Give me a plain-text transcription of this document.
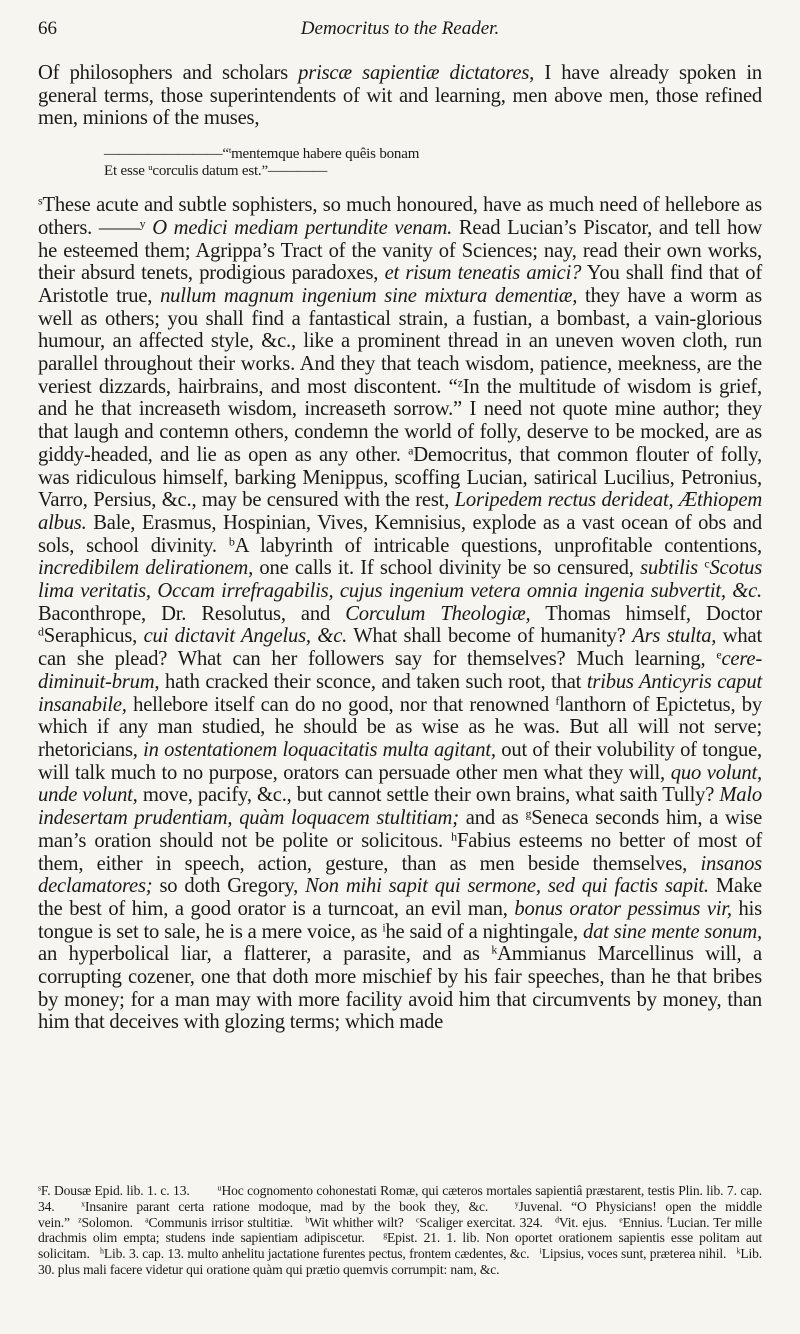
66	Democritus to the Reader.

Of philosophers and scholars priscæ sapientiæ dictatores, I have already spoken in general terms, those superintendents of wit and learning, men above men, those refined men, minions of the muses,

————————“$^t$mentemque habere quêis bonam
Et esse $^u$corculis datum est.”————

$^s$These acute and subtle sophisters, so much honoured, have as much need of hellebore as others. ——$^y$ O medici mediam pertundite venam. Read Lucian’s Piscator, and tell how he esteemed them; Agrippa’s Tract of the vanity of Sciences; nay, read their own works, their absurd tenets, prodigious paradoxes, et risum teneatis amici? You shall find that of Aristotle true, nullum magnum ingenium sine mixtura dementiæ, they have a worm as well as others; you shall find a fantastical strain, a fustian, a bombast, a vain-glorious humour, an affected style, &c., like a prominent thread in an uneven woven cloth, run parallel throughout their works. And they that teach wisdom, patience, meekness, are the veriest dizzards, hairbrains, and most discontent. “$^z$In the multitude of wisdom is grief, and he that increaseth wisdom, increaseth sorrow.” I need not quote mine author; they that laugh and contemn others, condemn the world of folly, deserve to be mocked, are as giddy-headed, and lie as open as any other. $^a$Democritus, that common flouter of folly, was ridiculous himself, barking Menippus, scoffing Lucian, satirical Lucilius, Petronius, Varro, Persius, &c., may be censured with the rest, Loripedem rectus derideat, Æthiopem albus. Bale, Erasmus, Hospinian, Vives, Kemnisius, explode as a vast ocean of obs and sols, school divinity. $^b$A labyrinth of intricable questions, unprofitable contentions, incredibilem delirationem, one calls it. If school divinity be so censured, subtilis $^c$Scotus lima veritatis, Occam irrefragabilis, cujus ingenium vetera omnia ingenia subvertit, &c. Baconthrope, Dr. Resolutus, and Corculum Theologiæ, Thomas himself, Doctor $^d$Seraphicus, cui dictavit Angelus, &c. What shall become of humanity? Ars stulta, what can she plead? What can her followers say for themselves? Much learning, $^e$cere-diminuit-brum, hath cracked their sconce, and taken such root, that tribus Anticyris caput insanabile, hellebore itself can do no good, nor that renowned $^f$lanthorn of Epictetus, by which if any man studied, he should be as wise as he was. But all will not serve; rhetoricians, in ostentationem loquacitatis multa agitant, out of their volubility of tongue, will talk much to no purpose, orators can persuade other men what they will, quo volunt, unde volunt, move, pacify, &c., but cannot settle their own brains, what saith Tully? Malo indesertam prudentiam, quàm loquacem stultitiam; and as $^g$Seneca seconds him, a wise man’s oration should not be polite or solicitous. $^h$Fabius esteems no better of most of them, either in speech, action, gesture, than as men beside themselves, insanos declamatores; so doth Gregory, Non mihi sapit qui sermone, sed qui factis sapit. Make the best of him, a good orator is a turncoat, an evil man, bonus orator pessimus vir, his tongue is set to sale, he is a mere voice, as $^i$he said of a nightingale, dat sine mente sonum, an hyperbolical liar, a flatterer, a parasite, and as $^k$Ammianus Marcellinus will, a corrupting cozener, one that doth more mischief by his fair speeches, than he that bribes by money; for a man may with more facility avoid him that circumvents by money, than him that deceives with glozing terms; which made

$^s$F. Dousæ Epid. lib. 1. c. 13.	$^u$Hoc cognomento cohonestati Romæ, qui cæteros mortales sapientiâ præstarent, testis Plin. lib. 7. cap. 34.	$^x$Insanire parant certa ratione modoque, mad by the book they, &c.	$^y$Juvenal. “O Physicians! open the middle vein.” $^z$Solomon. $^a$Communis irrisor stultitiæ. $^b$Wit whither wilt? $^c$Scaliger exercitat. 324. $^d$Vit. ejus. $^e$Ennius. $^f$Lucian. Ter mille drachmis olim empta; studens inde sapientiam adipiscetur. $^g$Epist. 21. 1. lib. Non oportet orationem sapientis esse politam aut solicitam. $^h$Lib. 3. cap. 13. multo anhelitu jactatione furentes pectus, frontem cædentes, &c. $^i$Lipsius, voces sunt, præterea nihil. $^k$Lib. 30. plus mali facere videtur qui oratione quàm qui prætio quemvis corrumpit: nam, &c.
